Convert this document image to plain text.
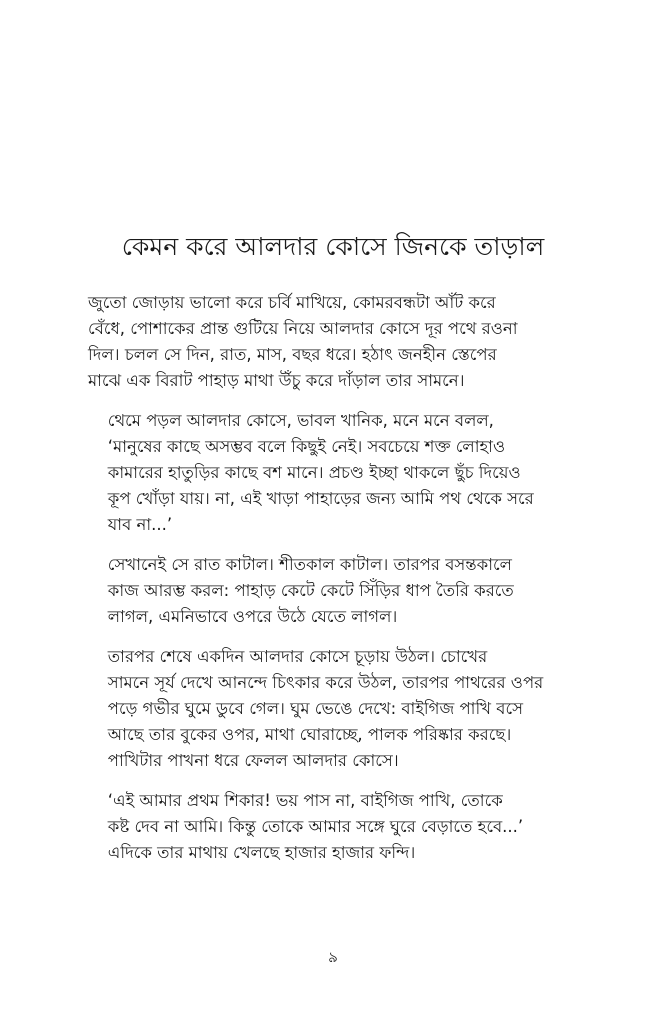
কেমন করে আলদার কোসে জিনকে তাড়াল

জুতো জোড়ায় ভালো করে চর্বি মাখিয়ে, কোমরবন্ধটা আঁট করে
বেঁধে, পোশাকের প্রান্ত গুটিয়ে নিয়ে আলদার কোসে দূর পথে রওনা
দিল। চলল সে দিন, রাত, মাস, বছর ধরে। হঠাৎ জনহীন স্তেপের
মাঝে এক বিরাট পাহাড় মাথা উঁচু করে দাঁড়াল তার সামনে।

থেমে পড়ল আলদার কোসে, ভাবল খানিক, মনে মনে বলল,
‘মানুষের কাছে অসম্ভব বলে কিছুই নেই। সবচেয়ে শক্ত লোহাও
কামারের হাতুড়ির কাছে বশ মানে। প্রচণ্ড ইচ্ছা থাকলে ছুঁচ দিয়েও
কূপ খোঁড়া যায়। না, এই খাড়া পাহাড়ের জন্য আমি পথ থেকে সরে
যাব না...’

সেখানেই সে রাত কাটাল। শীতকাল কাটাল। তারপর বসন্তকালে
কাজ আরম্ভ করল: পাহাড় কেটে কেটে সিঁড়ির ধাপ তৈরি করতে
লাগল, এমনিভাবে ওপরে উঠে যেতে লাগল।

তারপর শেষে একদিন আলদার কোসে চূড়ায় উঠল। চোখের
সামনে সূর্য দেখে আনন্দে চিৎকার করে উঠল, তারপর পাথরের ওপর
পড়ে গভীর ঘুমে ডুবে গেল। ঘুম ভেঙে দেখে: বাইগিজ পাখি বসে
আছে তার বুকের ওপর, মাথা ঘোরাচ্ছে, পালক পরিষ্কার করছে।
পাখিটার পাখনা ধরে ফেলল আলদার কোসে।

‘এই আমার প্রথম শিকার! ভয় পাস না, বাইগিজ পাখি, তোকে
কষ্ট দেব না আমি। কিন্তু তোকে আমার সঙ্গে ঘুরে বেড়াতে হবে...’
এদিকে তার মাথায় খেলছে হাজার হাজার ফন্দি।

৯
